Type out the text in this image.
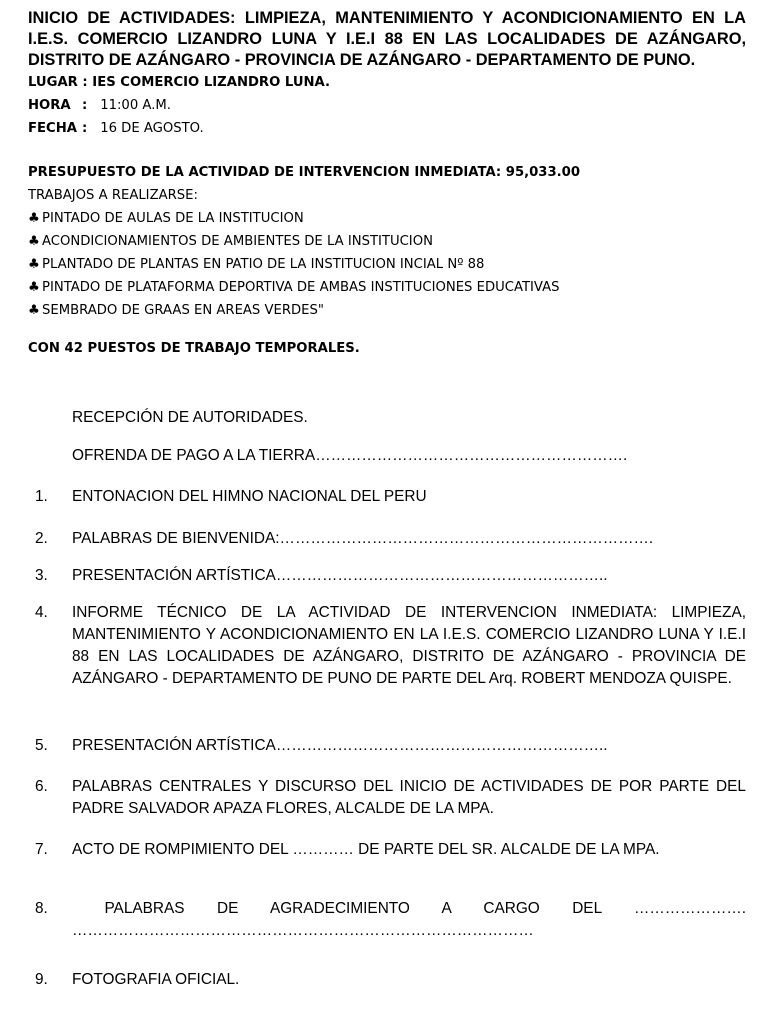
INICIO DE ACTIVIDADES: LIMPIEZA, MANTENIMIENTO Y ACONDICIONAMIENTO EN LA I.E.S. COMERCIO LIZANDRO LUNA Y I.E.I 88 EN LAS LOCALIDADES DE AZÁNGARO, DISTRITO DE AZÁNGARO - PROVINCIA DE AZÁNGARO - DEPARTAMENTO DE PUNO.
LUGAR : IES COMERCIO LIZANDRO LUNA.
HORA : 11:00 A.M.
FECHA : 16 DE AGOSTO.
PRESUPUESTO DE LA ACTIVIDAD DE INTERVENCION INMEDIATA: 95,033.00
TRABAJOS A REALIZARSE:
♣ PINTADO DE AULAS DE LA INSTITUCION
♣ ACONDICIONAMIENTOS DE AMBIENTES DE LA INSTITUCION
♣ PLANTADO DE PLANTAS EN PATIO DE LA INSTITUCION INCIAL Nº 88
♣ PINTADO DE PLATAFORMA DEPORTIVA DE AMBAS INSTITUCIONES EDUCATIVAS
♣ SEMBRADO DE GRAAS EN AREAS VERDES"
CON 42 PUESTOS DE TRABAJO TEMPORALES.
RECEPCIÓN DE AUTORIDADES.
OFRENDA DE PAGO A LA TIERRA…………………………………………………….
1. ENTONACION DEL HIMNO NACIONAL DEL PERU
2. PALABRAS DE BIENVENIDA:……………………………………………………………….
3. PRESENTACIÓN ARTÍSTICA………………………………………………………..
4. INFORME TÉCNICO DE LA ACTIVIDAD DE INTERVENCION INMEDIATA: LIMPIEZA, MANTENIMIENTO Y ACONDICIONAMIENTO EN LA I.E.S. COMERCIO LIZANDRO LUNA Y I.E.I 88 EN LAS LOCALIDADES DE AZÁNGARO, DISTRITO DE AZÁNGARO - PROVINCIA DE AZÁNGARO - DEPARTAMENTO DE PUNO DE PARTE DEL Arq. ROBERT MENDOZA QUISPE.
5. PRESENTACIÓN ARTÍSTICA………………………………………………………..
6. PALABRAS CENTRALES Y DISCURSO DEL INICIO DE ACTIVIDADES DE POR PARTE DEL PADRE SALVADOR APAZA FLORES, ALCALDE DE LA MPA.
7. ACTO DE ROMPIMIENTO DEL ………… DE PARTE DEL SR. ALCALDE DE LA MPA.
8. PALABRAS DE AGRADECIMIENTO A CARGO DEL …………………. ………………………………………………………………………………
9. FOTOGRAFIA OFICIAL.
